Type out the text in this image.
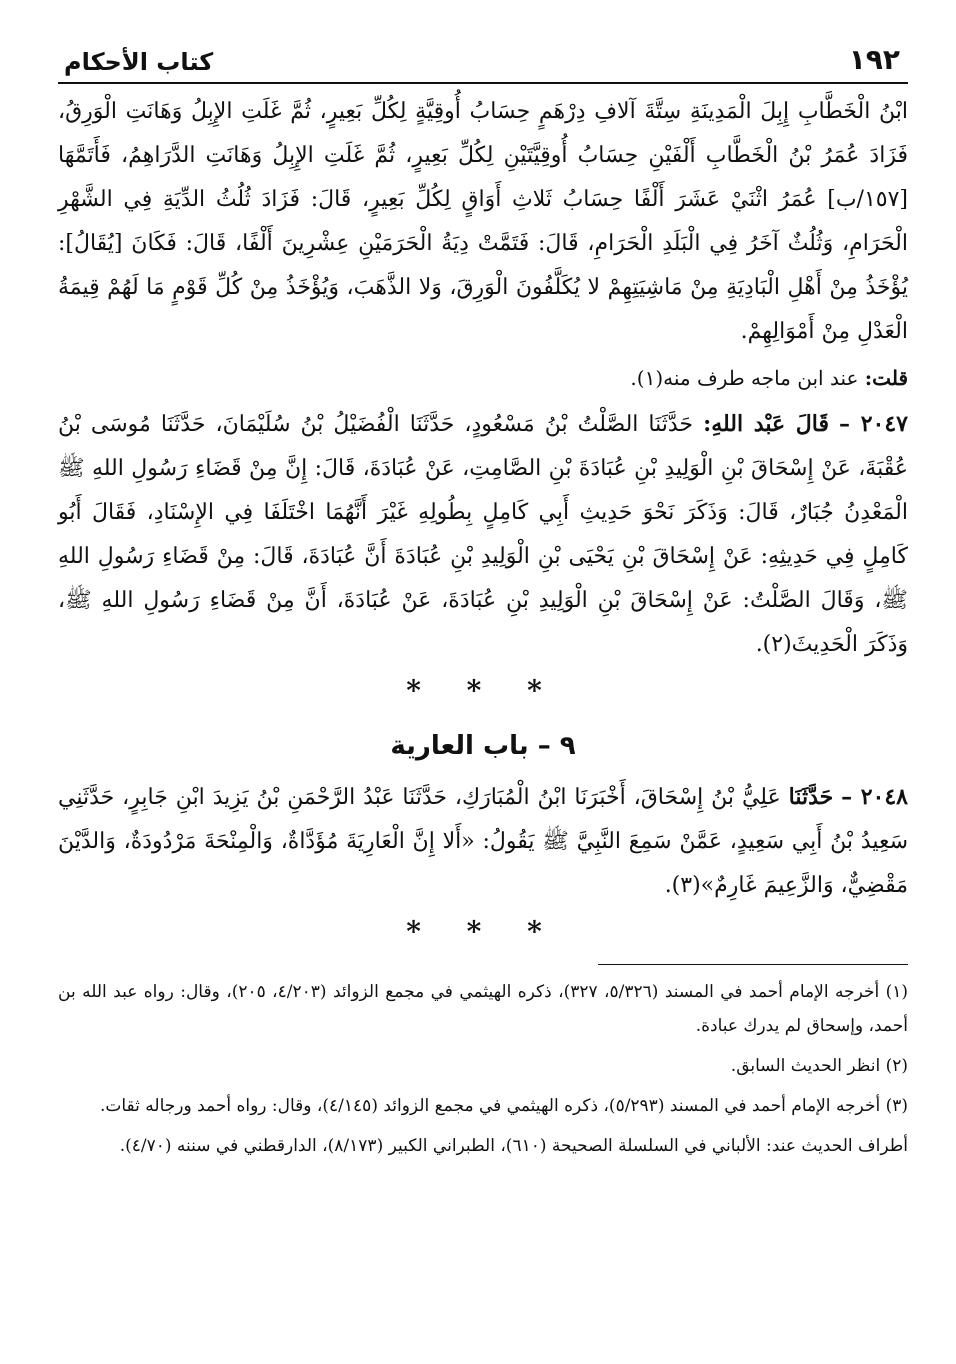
١٩٢
كتاب الأحكام

ابْنُ الْخَطَّابِ إِبِلَ الْمَدِينَةِ سِتَّةَ آلافِ دِرْهَمٍ حِسَابُ أُوقِيَّةٍ لِكُلِّ بَعِيرٍ، ثُمَّ غَلَتِ الإِبِلُ وَهَانَتِ الْوَرِقُ، فَزَادَ عُمَرُ بْنُ الْخَطَّابِ أَلْفَيْنِ حِسَابُ أُوقِيَّتَيْنِ لِكُلِّ بَعِيرٍ، ثُمَّ غَلَتِ الإِبِلُ وَهَانَتِ الدَّرَاهِمُ، فَأَتَمَّهَا [١٥٧/ب] عُمَرُ اثْنَيْ عَشَرَ أَلْفًا حِسَابُ ثَلاثِ أَوَاقٍ لِكُلِّ بَعِيرٍ، قَالَ: فَزَادَ ثُلُثُ الدِّيَةِ فِي الشَّهْرِ الْحَرَامِ، وَثُلُثٌ آخَرُ فِي الْبَلَدِ الْحَرَامِ، قَالَ: فَتَمَّتْ دِيَةُ الْحَرَمَيْنِ عِشْرِينَ أَلْفًا، قَالَ: فَكَانَ [يُقَالُ]: يُؤْخَذُ مِنْ أَهْلِ الْبَادِيَةِ مِنْ مَاشِيَتِهِمْ لا يُكَلَّفُونَ الْوَرِقَ، وَلا الذَّهَبَ، وَيُؤْخَذُ مِنْ كُلِّ قَوْمٍ مَا لَهُمْ قِيمَةُ الْعَدْلِ مِنْ أَمْوَالِهِمْ.

قلت: عند ابن ماجه طرف منه(١).

٢٠٤٧ – قَالَ عَبْد اللهِ: حَدَّثَنَا الصَّلْتُ بْنُ مَسْعُودٍ، حَدَّثَنَا الْفُضَيْلُ بْنُ سُلَيْمَانَ، حَدَّثَنَا مُوسَى بْنُ عُقْبَةَ، عَنْ إِسْحَاقَ بْنِ الْوَلِيدِ بْنِ عُبَادَةَ بْنِ الصَّامِتِ، عَنْ عُبَادَةَ، قَالَ: إِنَّ مِنْ قَضَاءِ رَسُولِ اللهِ ﷺ الْمَعْدِنُ جُبَارٌ، قَالَ: وَذَكَرَ نَحْوَ حَدِيثِ أَبِي كَامِلٍ بِطُولِهِ غَيْرَ أَنَّهُمَا اخْتَلَفَا فِي الإِسْنَادِ، فَقَالَ أَبُو كَامِلٍ فِي حَدِيثِهِ: عَنْ إِسْحَاقَ بْنِ يَحْيَى بْنِ الْوَلِيدِ بْنِ عُبَادَةَ أَنَّ عُبَادَةَ، قَالَ: مِنْ قَضَاءِ رَسُولِ اللهِ ﷺ، وَقَالَ الصَّلْتُ: عَنْ إِسْحَاقَ بْنِ الْوَلِيدِ بْنِ عُبَادَةَ، عَنْ عُبَادَةَ، أَنَّ مِنْ قَضَاءِ رَسُولِ اللهِ ﷺ، وَذَكَرَ الْحَدِيثَ(٢).

* * *
٩ – باب العارية

٢٠٤٨ – حَدَّثَنَا عَلِيُّ بْنُ إِسْحَاقَ، أَخْبَرَنَا ابْنُ الْمُبَارَكِ، حَدَّثَنَا عَبْدُ الرَّحْمَنِ بْنُ يَزِيدَ ابْنِ جَابِرٍ، حَدَّثَنِي سَعِيدُ بْنُ أَبِي سَعِيدٍ، عَمَّنْ سَمِعَ النَّبِيَّ ﷺ يَقُولُ: «أَلا إِنَّ الْعَارِيَةَ مُؤَدَّاةٌ، وَالْمِنْحَةَ مَرْدُودَةٌ، وَالدَّيْنَ مَقْضِيٌّ، وَالزَّعِيمَ غَارِمٌ»(٣).

* * *

(١) أخرجه الإمام أحمد في المسند (٥/٣٢٦، ٣٢٧)، ذكره الهيثمي في مجمع الزوائد (٤/٢٠٣، ٢٠٥)، وقال: رواه عبد الله بن أحمد، وإسحاق لم يدرك عبادة.

(٢) انظر الحديث السابق.

(٣) أخرجه الإمام أحمد في المسند (٥/٢٩٣)، ذكره الهيثمي في مجمع الزوائد (٤/١٤٥)، وقال: رواه أحمد ورجاله ثقات.

أطراف الحديث عند: الألباني في السلسلة الصحيحة (٦١٠)، الطبراني الكبير (٨/١٧٣)، الدارقطني في سننه (٤/٧٠).
